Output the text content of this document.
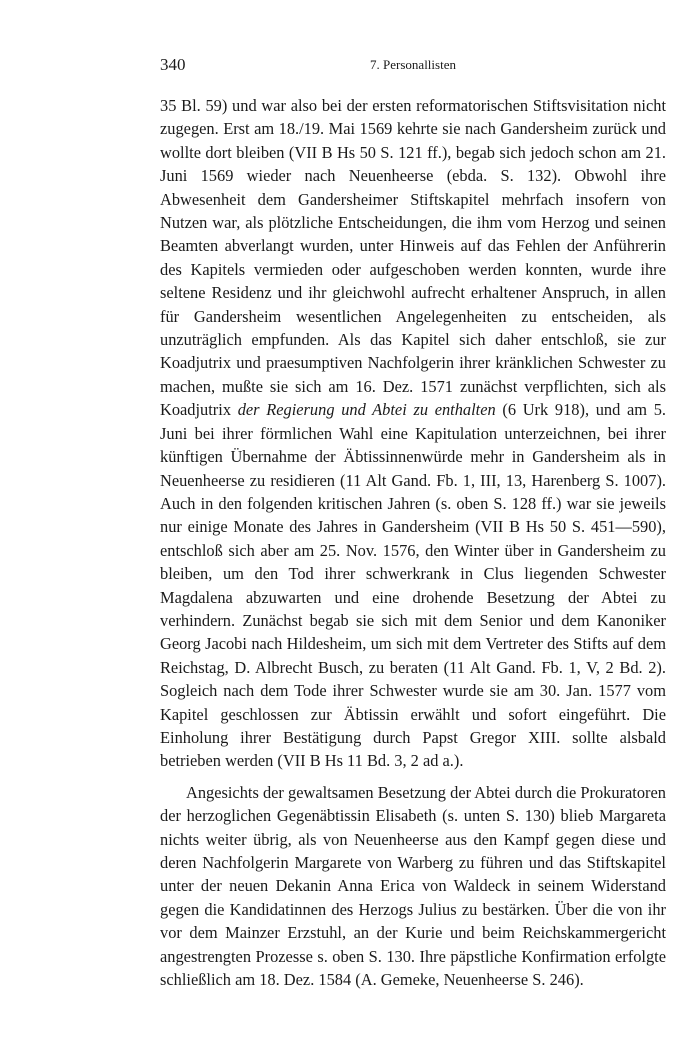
340	7. Personallisten

35 Bl. 59) und war also bei der ersten reformatorischen Stiftsvisitation nicht zugegen. Erst am 18./19. Mai 1569 kehrte sie nach Gandersheim zurück und wollte dort bleiben (VII B Hs 50 S. 121 ff.), begab sich jedoch schon am 21. Juni 1569 wieder nach Neuenheerse (ebda. S. 132). Obwohl ihre Abwesenheit dem Gandersheimer Stiftskapitel mehrfach insofern von Nutzen war, als plötzliche Entscheidungen, die ihm vom Herzog und seinen Beamten abverlangt wurden, unter Hinweis auf das Fehlen der Anführerin des Kapitels vermieden oder aufgeschoben werden konnten, wurde ihre seltene Residenz und ihr gleichwohl aufrecht erhaltener Anspruch, in allen für Gandersheim wesentlichen Angelegenheiten zu entscheiden, als unzuträglich empfunden. Als das Kapitel sich daher entschloß, sie zur Koadjutrix und praesumptiven Nachfolgerin ihrer kränklichen Schwester zu machen, mußte sie sich am 16. Dez. 1571 zunächst verpflichten, sich als Koadjutrix der Regierung und Abtei zu enthalten (6 Urk 918), und am 5. Juni bei ihrer förmlichen Wahl eine Kapitulation unterzeichnen, bei ihrer künftigen Übernahme der Äbtissinnenwürde mehr in Gandersheim als in Neuenheerse zu residieren (11 Alt Gand. Fb. 1, III, 13, Harenberg S. 1007). Auch in den folgenden kritischen Jahren (s. oben S. 128 ff.) war sie jeweils nur einige Monate des Jahres in Gandersheim (VII B Hs 50 S. 451—590), entschloß sich aber am 25. Nov. 1576, den Winter über in Gandersheim zu bleiben, um den Tod ihrer schwerkrank in Clus liegenden Schwester Magdalena abzuwarten und eine drohende Besetzung der Abtei zu verhindern. Zunächst begab sie sich mit dem Senior und dem Kanoniker Georg Jacobi nach Hildesheim, um sich mit dem Vertreter des Stifts auf dem Reichstag, D. Albrecht Busch, zu beraten (11 Alt Gand. Fb. 1, V, 2 Bd. 2). Sogleich nach dem Tode ihrer Schwester wurde sie am 30. Jan. 1577 vom Kapitel geschlossen zur Äbtissin erwählt und sofort eingeführt. Die Einholung ihrer Bestätigung durch Papst Gregor XIII. sollte alsbald betrieben werden (VII B Hs 11 Bd. 3, 2 ad a.).

Angesichts der gewaltsamen Besetzung der Abtei durch die Prokuratoren der herzoglichen Gegenäbtissin Elisabeth (s. unten S. 130) blieb Margareta nichts weiter übrig, als von Neuenheerse aus den Kampf gegen diese und deren Nachfolgerin Margarete von Warberg zu führen und das Stiftskapitel unter der neuen Dekanin Anna Erica von Waldeck in seinem Widerstand gegen die Kandidatinnen des Herzogs Julius zu bestärken. Über die von ihr vor dem Mainzer Erzstuhl, an der Kurie und beim Reichskammergericht angestrengten Prozesse s. oben S. 130. Ihre päpstliche Konfirmation erfolgte schließlich am 18. Dez. 1584 (A. Gemeke, Neuenheerse S. 246).
